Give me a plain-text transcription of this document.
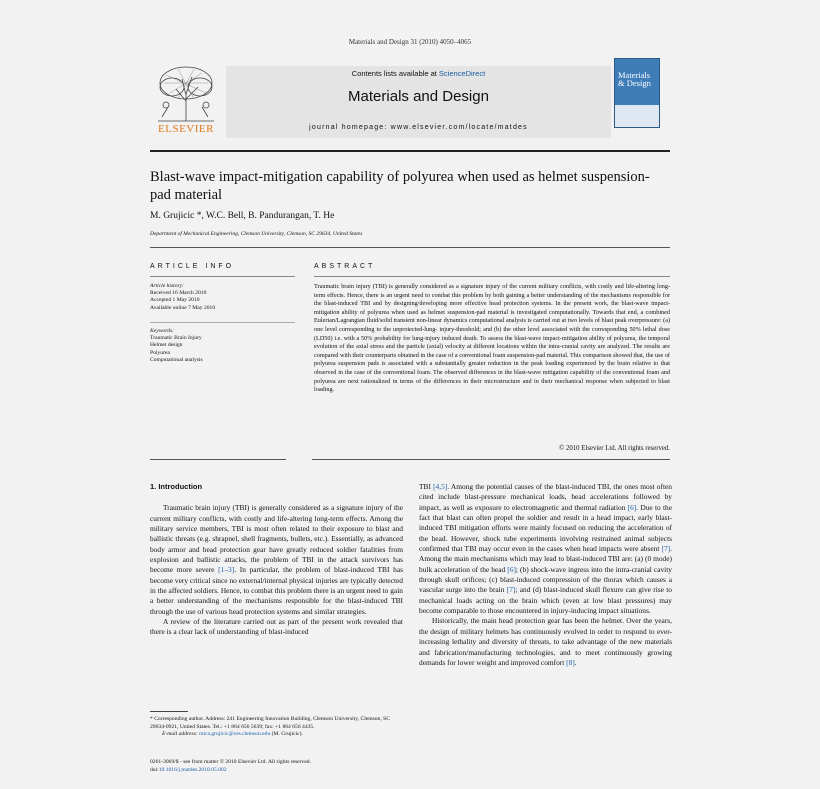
Materials and Design 31 (2010) 4050–4065
ELSEVIER
Contents lists available at ScienceDirect
Materials and Design
journal homepage: www.elsevier.com/locate/matdes
Materials & Design
Blast-wave impact-mitigation capability of polyurea when used as helmet suspension-pad material
M. Grujicic *, W.C. Bell, B. Pandurangan, T. He
Department of Mechanical Engineering, Clemson University, Clemson, SC 29634, United States
ARTICLE INFO	ABSTRACT
Article history:
Received 16 March 2010
Accepted 1 May 2010
Available online 7 May 2010
Keywords:
Traumatic Brain Injury
Helmet design
Polyurea
Computational analysis
Traumatic brain injury (TBI) is generally considered as a signature injury of the current military conflicts, with costly and life-altering long-term effects. Hence, there is an urgent need to combat this problem by both gaining a better understanding of the mechanisms responsible for the blast-induced TBI and by designing/developing more effective head protection systems. In the present work, the blast-wave impact-mitigation ability of polyurea when used as helmet suspension-pad material is investigated computationally. Towards that end, a combined Eulerian/Lagrangian fluid/solid transient non-linear dynamics computational analysis is carried out at two levels of blast peak overpressure: (a) one level corresponding to the unprotected-lung- injury-threshold; and (b) the other level associated with the corresponding 50% lethal dose (LD50) i.e. with a 50% probability for lung-injury induced death. To assess the blast-wave impact-mitigation ability of polyurea, the temporal evolution of the axial stress and the particle (axial) velocity at different locations within the intra-cranial cavity are analyzed. The results are compared with their counterparts obtained in the case of a conventional foam suspension-pad material. This comparison showed that, the use of polyurea suspension pads is associated with a substantially greater reduction in the peak loading experienced by the brain relative to that observed in the case of the conventional foam. The observed differences in the blast-wave mitigation capability of the conventional foam and polyurea are next rationalized in terms of the differences in their microstructure and in their mechanical response when subjected to blast loading.
© 2010 Elsevier Ltd. All rights reserved.
1. Introduction

Traumatic brain injury (TBI) is generally considered as a signature injury of the current military conflicts, with costly and life-altering long-term effects. Among the military service members, TBI is most often related to their exposure to blast and ballistic threats (e.g. shrapnel, shell fragments, bullets, etc.). Essentially, as advanced body armor and head protection gear have greatly reduced soldier fatalities from explosion and ballistic attacks, the problem of TBI in the attack survivors has become more severe [1–3]. In particular, the problem of blast-induced TBI has become very critical since no external/internal physical injuries are typically detected in the affected soldiers. Hence, to combat this problem there is an urgent need to gain a better understanding of the mechanisms responsible for the blast-induced TBI through the use of various head protection systems and similar strategies.

A review of the literature carried out as part of the present work revealed that there is a clear lack of understanding of blast-induced

TBI [4,5]. Among the potential causes of the blast-induced TBI, the ones most often cited include blast-pressure mechanical loads, head accelerations followed by impact, as well as exposure to electromagnetic and thermal radiation [6]. Due to the fact that blast can often propel the soldier and result in a head impact, early blast-induced TBI mitigation efforts were mainly focused on reducing the acceleration of the head. However, shock tube experiments involving restrained animal subjects confirmed that TBI may occur even in the cases when head impacts were absent [7]. Among the main mechanisms which may lead to blast-induced TBI are: (a) (0 mode) bulk acceleration of the head [6]; (b) shock-wave ingress into the intra-cranial cavity through skull orifices; (c) blast-induced compression of the thorax which causes a vascular surge into the brain [7]; and (d) blast-induced skull flexure can give rise to mechanical loads acting on the brain which (even at low blast pressures) may become comparable to those encountered in injury-inducing impact situations.

Historically, the main head protection gear has been the helmet. Over the years, the design of military helmets has continuously evolved in order to respond to ever-increasing lethality and diversity of threats, to take advantage of the new materials and fabrication/manufacturing technologies, and to meet continuously growing demands for lower weight and improved comfort [8].

* Corresponding author. Address: 241 Engineering Innovation Building, Clemson University, Clemson, SC 29634-0921, United States. Tel.: +1 864 656 5639; fax: +1 864 656 4435.
E-mail address: mica.grujicic@ces.clemson.edu (M. Grujicic).
0261-3069/$ - see front matter © 2010 Elsevier Ltd. All rights reserved.
doi:10.1016/j.matdes.2010.05.002
